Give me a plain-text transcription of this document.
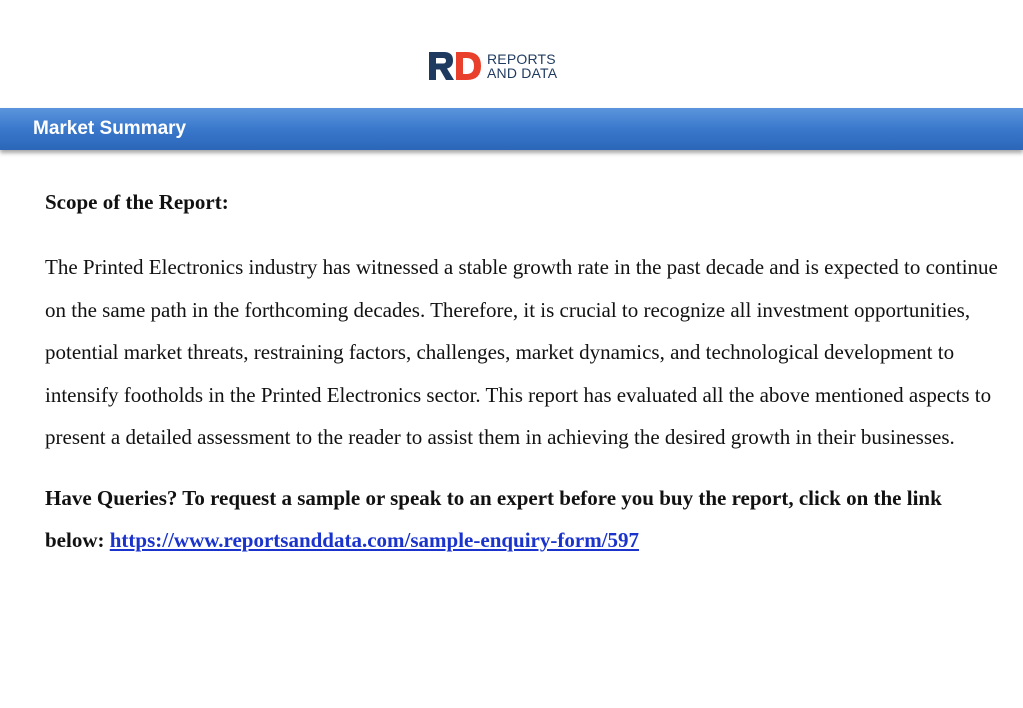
REPORTS
AND DATA
Market Summary

Scope of the Report:

The Printed Electronics industry has witnessed a stable growth rate in the past decade and is expected to continue on the same path in the forthcoming decades. Therefore, it is crucial to recognize all investment opportunities, potential market threats, restraining factors, challenges, market dynamics, and technological development to intensify footholds in the Printed Electronics sector. This report has evaluated all the above mentioned aspects to present a detailed assessment to the reader to assist them in achieving the desired growth in their businesses.

Have Queries? To request a sample or speak to an expert before you buy the report, click on the link below: https://www.reportsanddata.com/sample-enquiry-form/597
